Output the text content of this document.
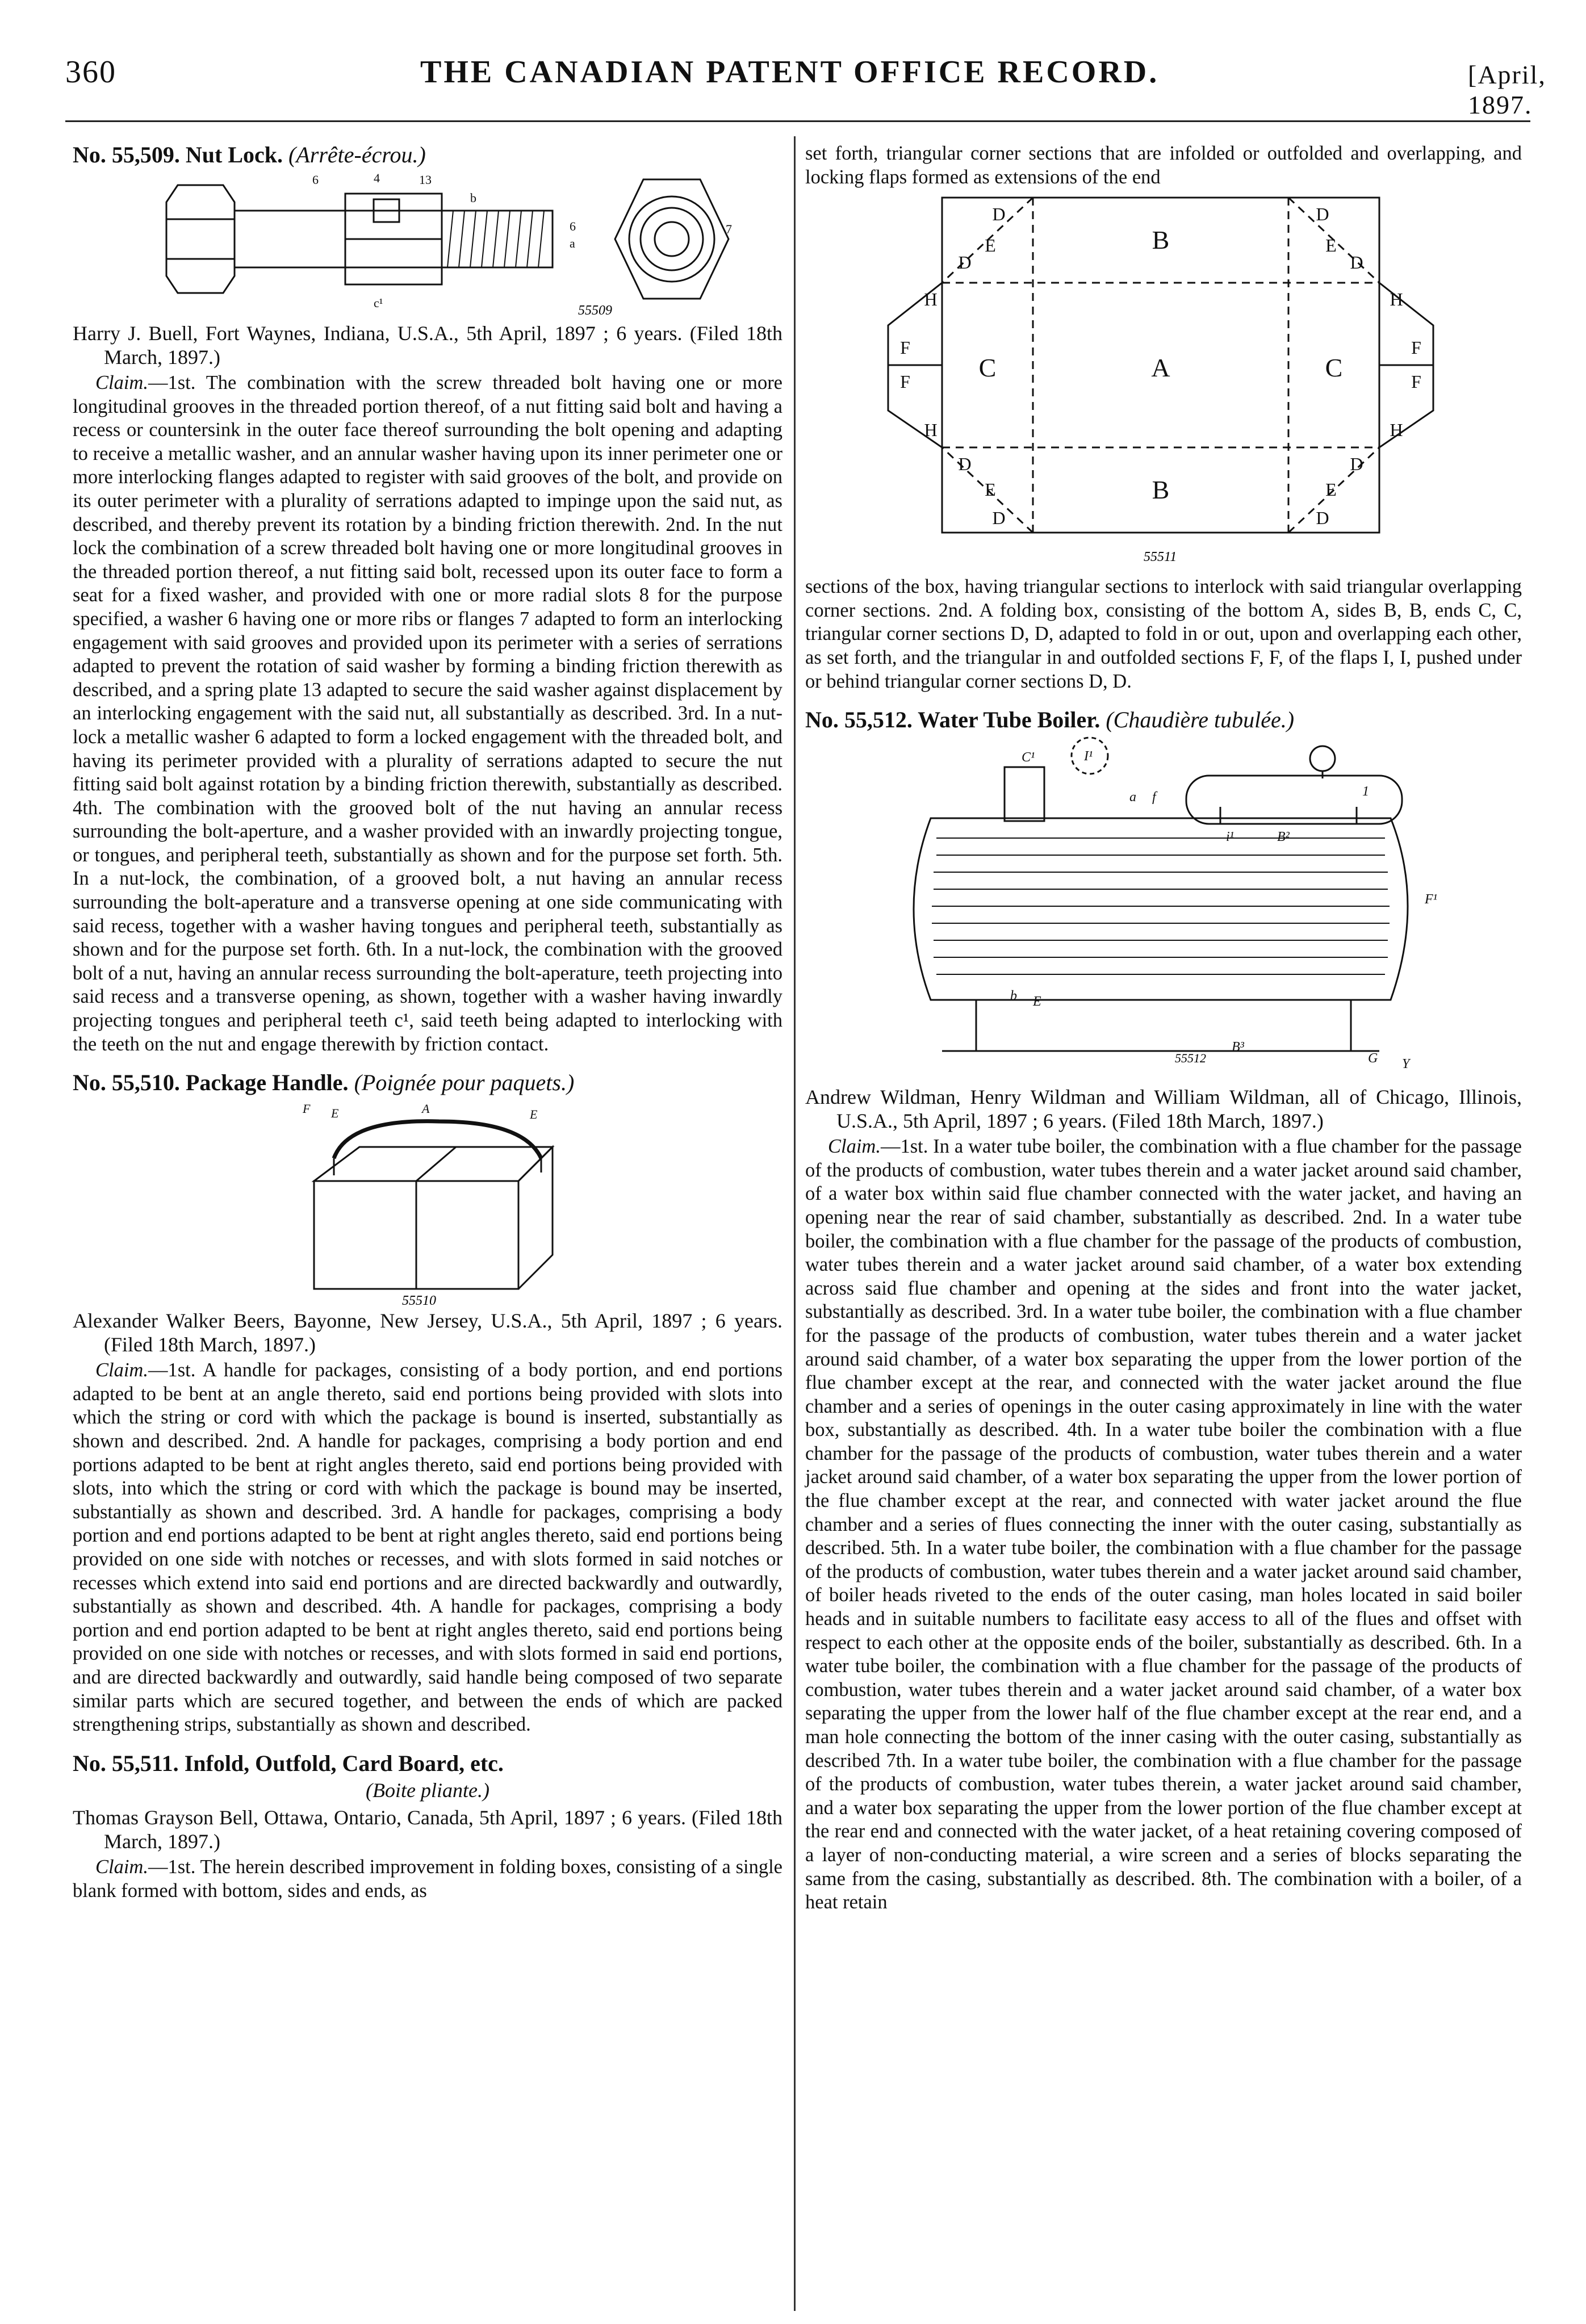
360	THE CANADIAN PATENT OFFICE RECORD.	[April, 1897.

No. 55,509. Nut Lock. (Arrête-écrou.)

6	4	13
b
6
a
c¹
7
55509

Harry J. Buell, Fort Waynes, Indiana, U.S.A., 5th April, 1897 ; 6 years. (Filed 18th March, 1897.)

Claim.—1st. The combination with the screw threaded bolt having one or more longitudinal grooves in the threaded portion thereof, of a nut fitting said bolt and having a recess or countersink in the outer face thereof surrounding the bolt opening and adapting to receive a metallic washer, and an annular washer having upon its inner perimeter one or more interlocking flanges adapted to register with said grooves of the bolt, and provide on its outer perimeter with a plurality of serrations adapted to impinge upon the said nut, as described, and thereby prevent its rotation by a binding friction therewith. 2nd. In the nut lock the combination of a screw threaded bolt having one or more longitudinal grooves in the threaded portion thereof, a nut fitting said bolt, recessed upon its outer face to form a seat for a fixed washer, and provided with one or more radial slots 8 for the purpose specified, a washer 6 having one or more ribs or flanges 7 adapted to form an interlocking engagement with said grooves and provided upon its perimeter with a series of serrations adapted to prevent the rotation of said washer by forming a binding friction therewith as described, and a spring plate 13 adapted to secure the said washer against displacement by an interlocking engagement with the said nut, all substantially as described. 3rd. In a nut-lock a metallic washer 6 adapted to form a locked engagement with the threaded bolt, and having its perimeter provided with a plurality of serrations adapted to secure the nut fitting said bolt against rotation by a binding friction therewith, substantially as described. 4th. The combination with the grooved bolt of the nut having an annular recess surrounding the bolt-aperture, and a washer provided with an inwardly projecting tongue, or tongues, and peripheral teeth, substantially as shown and for the purpose set forth. 5th. In a nut-lock, the combination, of a grooved bolt, a nut having an annular recess surrounding the bolt-aperature and a transverse opening at one side communicating with said recess, together with a washer having tongues and peripheral teeth, substantially as shown and for the purpose set forth. 6th. In a nut-lock, the combination with the grooved bolt of a nut, having an annular recess surrounding the bolt-aperature, teeth projecting into said recess and a transverse opening, as shown, together with a washer having inwardly projecting tongues and peripheral teeth c¹, said teeth being adapted to interlocking with the teeth on the nut and engage therewith by friction contact.

No. 55,510. Package Handle. (Poignée pour paquets.)

F E	A	E
55510

Alexander Walker Beers, Bayonne, New Jersey, U.S.A., 5th April, 1897 ; 6 years. (Filed 18th March, 1897.)

Claim.—1st. A handle for packages, consisting of a body portion, and end portions adapted to be bent at an angle thereto, said end portions being provided with slots into which the string or cord with which the package is bound is inserted, substantially as shown and described. 2nd. A handle for packages, comprising a body portion and end portions adapted to be bent at right angles thereto, said end portions being provided with slots, into which the string or cord with which the package is bound may be inserted, substantially as shown and described. 3rd. A handle for packages, comprising a body portion and end portions adapted to be bent at right angles thereto, said end portions being provided on one side with notches or recesses, and with slots formed in said notches or recesses which extend into said end portions and are directed backwardly and outwardly, substantially as shown and described. 4th. A handle for packages, comprising a body portion and end portion adapted to be bent at right angles thereto, said end portions being provided on one side with notches or recesses, and with slots formed in said end portions, and are directed backwardly and outwardly, said handle being composed of two separate similar parts which are secured together, and between the ends of which are packed strengthening strips, substantially as shown and described.

No. 55,511. Infold, Outfold, Card Board, etc.

(Boite pliante.)

Thomas Grayson Bell, Ottawa, Ontario, Canada, 5th April, 1897 ; 6 years. (Filed 18th March, 1897.)

Claim.—1st. The herein described improvement in folding boxes, consisting of a single blank formed with bottom, sides and ends, as

set forth, triangular corner sections that are infolded or outfolded and overlapping, and locking flaps formed as extensions of the end

A
B
B
C	C
D
D
D
D
D
D
D
D
E	E
E	E
F
F
F
F
H
H
H
H
55511

sections of the box, having triangular sections to interlock with said triangular overlapping corner sections. 2nd. A folding box, consisting of the bottom A, sides B, B, ends C, C, triangular corner sections D, D, adapted to fold in or out, upon and overlapping each other, as set forth, and the triangular in and outfolded sections F, F, of the flaps I, I, pushed under or behind triangular corner sections D, D.

No. 55,512. Water Tube Boiler. (Chaudière tubulée.)

C¹	I¹
a f	1
i¹	B²
F¹
b E
B³
G Y
55512

Andrew Wildman, Henry Wildman and William Wildman, all of Chicago, Illinois, U.S.A., 5th April, 1897 ; 6 years. (Filed 18th March, 1897.)

Claim.—1st. In a water tube boiler, the combination with a flue chamber for the passage of the products of combustion, water tubes therein and a water jacket around said chamber, of a water box within said flue chamber connected with the water jacket, and having an opening near the rear of said chamber, substantially as described. 2nd. In a water tube boiler, the combination with a flue chamber for the passage of the products of combustion, water tubes therein and a water jacket around said chamber, of a water box extending across said flue chamber and opening at the sides and front into the water jacket, substantially as described. 3rd. In a water tube boiler, the combination with a flue chamber for the passage of the products of combustion, water tubes therein and a water jacket around said chamber, of a water box separating the upper from the lower portion of the flue chamber except at the rear, and connected with the water jacket around the flue chamber and a series of openings in the outer casing approximately in line with the water box, substantially as described. 4th. In a water tube boiler the combination with a flue chamber for the passage of the products of combustion, water tubes therein and a water jacket around said chamber, of a water box separating the upper from the lower portion of the flue chamber except at the rear, and connected with water jacket around the flue chamber and a series of flues connecting the inner with the outer casing, substantially as described. 5th. In a water tube boiler, the combination with a flue chamber for the passage of the products of combustion, water tubes therein and a water jacket around said chamber, of boiler heads riveted to the ends of the outer casing, man holes located in said boiler heads and in suitable numbers to facilitate easy access to all of the flues and offset with respect to each other at the opposite ends of the boiler, substantially as described. 6th. In a water tube boiler, the combination with a flue chamber for the passage of the products of combustion, water tubes therein and a water jacket around said chamber, of a water box separating the upper from the lower half of the flue chamber except at the rear end, and a man hole connecting the bottom of the inner casing with the outer casing, substantially as described 7th. In a water tube boiler, the combination with a flue chamber for the passage of the products of combustion, water tubes therein, a water jacket around said chamber, and a water box separating the upper from the lower portion of the flue chamber except at the rear end and connected with the water jacket, of a heat retaining covering composed of a layer of non-conducting material, a wire screen and a series of blocks separating the same from the casing, substantially as described. 8th. The combination with a boiler, of a heat retain
